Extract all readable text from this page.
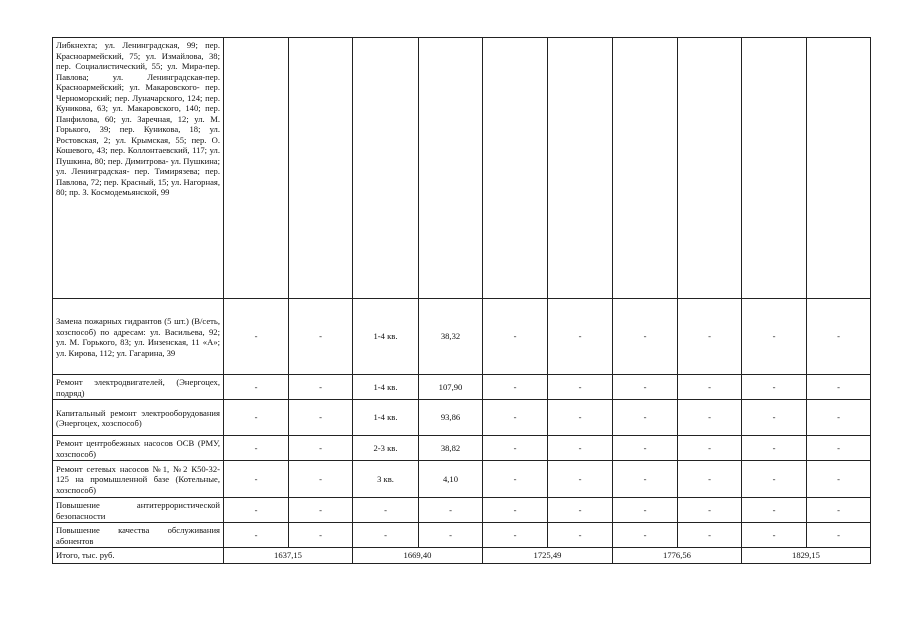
Либкнехта; ул. Ленинградская, 99; пер. Красноармейский, 75; ул. Измайлова, 38; пер. Социалистический, 55; ул. Мира-пер. Павлова; ул. Ленинградская-пер. Красноармейский; ул. Макаровского- пер. Черноморский; пер. Луначарского, 124; пер. Куникова, 63; ул. Макаровского, 140; пер. Панфилова, 60; ул. Заречная, 12; ул. М. Горького, 39; пер. Куникова, 18; ул. Ростовская, 2; ул. Крымская, 55; пер. О. Кошевого, 43; пер. Коллонтаевский, 117; ул. Пушкина, 80; пер. Димитрова- ул. Пушкина; ул. Ленинградская- пер. Тимирязева; пер. Павлова, 72; пер. Красный, 15; ул. Нагорная, 80; пр. З. Космодемьянской, 99										
Замена пожарных гидрантов (5 шт.) (В/сеть, хозспособ) по адресам: ул. Васильева, 92; ул. М. Горького, 83; ул. Инзенская, 11 «А»; ул. Кирова, 112; ул. Гагарина, 39	-	-	1-4 кв.	38,32	-	-	-	-	-	-
Ремонт электродвигателей, (Энергоцех, подряд)	-	-	1-4 кв.	107,90	-	-	-	-	-	-
Капитальный ремонт электрооборудования (Энергоцех, хозспособ)	-	-	1-4 кв.	93,86	-	-	-	-	-	-
Ремонт центробежных насосов ОСВ (РМУ, хозспособ)	-	-	2-3 кв.	38,82	-	-	-	-	-	-
Ремонт сетевых насосов №1, №2 К50-32-125 на промышленной базе (Котельные, хозспособ)	-	-	3 кв.	4,10	-	-	-	-	-	-
Повышение антитеррористической безопасности	-	-	-	-	-	-	-	-	-	-
Повышение качества обслуживания абонентов	-	-	-	-	-	-	-	-	-	-
Итого, тыс. руб.	1637,15		1669,40		1725,49		1776,56		1829,15	
